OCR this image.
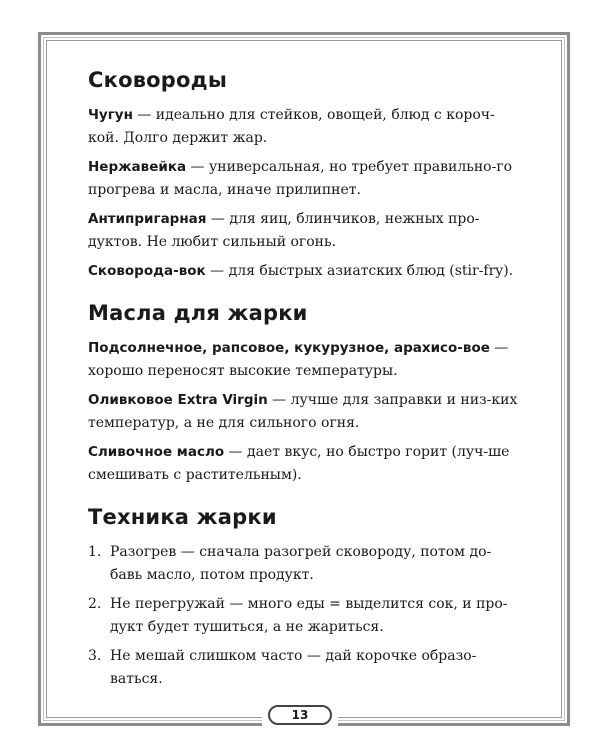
Сковороды

Чугун — идеально для стейков, овощей, блюд с короч-кой. Долго держит жар.

Нержавейка — универсальная, но требует правильно-го прогрева и масла, иначе прилипнет.

Антипригарная — для яиц, блинчиков, нежных про-дуктов. Не любит сильный огонь.

Сковорода-вок — для быстрых азиатских блюд (stir-fry).

Масла для жарки

Подсолнечное, рапсовое, кукурузное, арахисо-вое — хорошо переносят высокие температуры.

Оливковое Extra Virgin — лучше для заправки и низ-ких температур, а не для сильного огня.

Сливочное масло — дает вкус, но быстро горит (луч-ше смешивать с растительным).

Техника жарки
1. Разогрев — сначала разогрей сковороду, потом до-бавь масло, потом продукт.
2. Не перегружай — много еды = выделится сок, и про-дукт будет тушиться, а не жариться.
3. Не мешай слишком часто — дай корочке образо-ваться.
13
